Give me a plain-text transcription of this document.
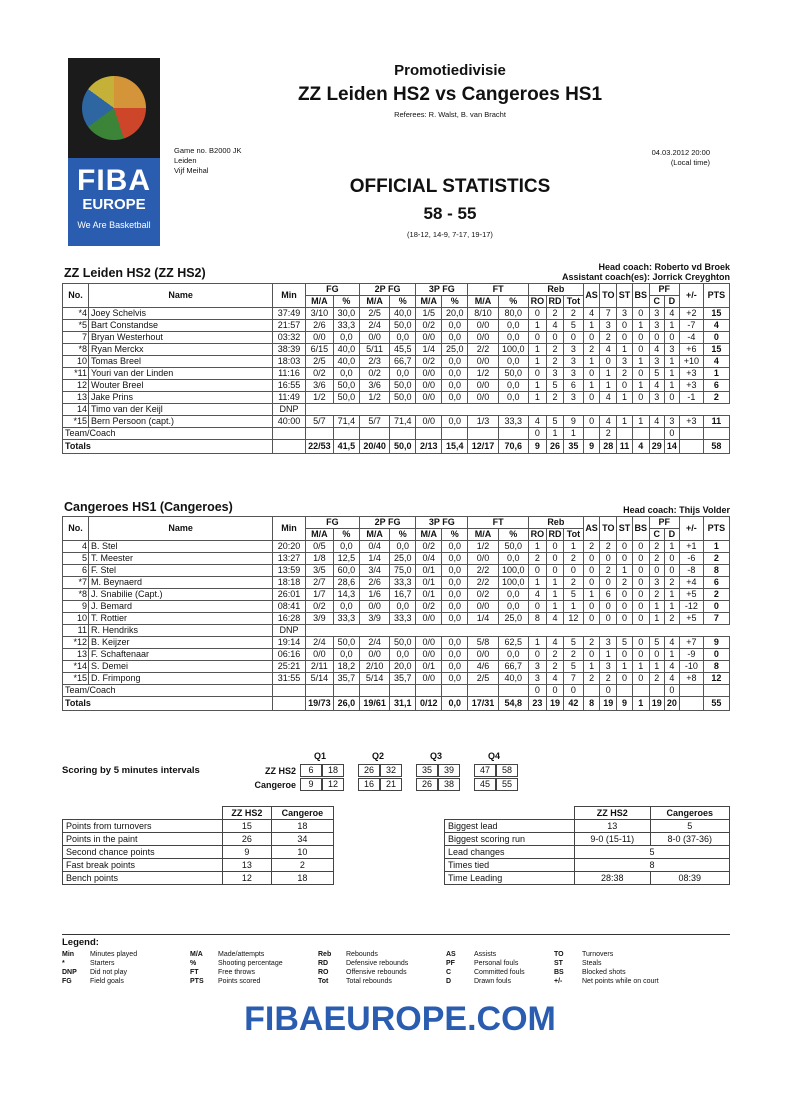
FIBA
EUROPE
We Are Basketball
Promotiedivisie
ZZ Leiden HS2 vs Cangeroes HS1
Referees: R. Walst, B. van Bracht
Game no. B2000 JK
Leiden
Vijf Meihal
04.03.2012 20:00
(Local time)
OFFICIAL STATISTICS
58 - 55
(18-12, 14-9, 7-17, 19-17)
ZZ Leiden HS2 (ZZ HS2)	Head coach: Roberto vd Broek
Assistant coach(es): Jorrick Creyghton
No.	Name	Min	FG		2P FG		3P FG		FT		Reb			AS	TO	ST	BS	PF		+/-	PTS
			M/A	%	M/A	%	M/A	%	M/A	%	RO	RD	Tot					C	D		
*4	Joey Schelvis	37:49	3/10	30,0	2/5	40,0	1/5	20,0	8/10	80,0	0	2	2	4	7	3	0	3	4	+2	15
*5	Bart Constandse	21:57	2/6	33,3	2/4	50,0	0/2	0,0	0/0	0,0	1	4	5	1	3	0	1	3	1	-7	4
7	Bryan Westerhout	03:32	0/0	0,0	0/0	0,0	0/0	0,0	0/0	0,0	0	0	0	0	2	0	0	0	0	-4	0
*8	Ryan Merckx	38:39	6/15	40,0	5/11	45,5	1/4	25,0	2/2	100,0	1	2	3	2	4	1	0	4	3	+6	15
10	Tomas Breel	18:03	2/5	40,0	2/3	66,7	0/2	0,0	0/0	0,0	1	2	3	1	0	3	1	3	1	+10	4
*11	Youri van der Linden	11:16	0/2	0,0	0/2	0,0	0/0	0,0	1/2	50,0	0	3	3	0	1	2	0	5	1	+3	1
12	Wouter Breel	16:55	3/6	50,0	3/6	50,0	0/0	0,0	0/0	0,0	1	5	6	1	1	0	1	4	1	+3	6
13	Jake Prins	11:49	1/2	50,0	1/2	50,0	0/0	0,0	0/0	0,0	1	2	3	0	4	1	0	3	0	-1	2
14	Timo van der Keijl	DNP																			
*15	Bern Persoon (capt.)	40:00	5/7	71,4	5/7	71,4	0/0	0,0	1/3	33,3	4	5	9	0	4	1	1	4	3	+3	11
Team/Coach											0	1	1		2				0		
Totals			22/53	41,5	20/40	50,0	2/13	15,4	12/17	70,6	9	26	35	9	28	11	4	29	14		58
Cangeroes HS1 (Cangeroes)	Head coach: Thijs Volder
No.	Name	Min	FG		2P FG		3P FG		FT		Reb			AS	TO	ST	BS	PF		+/-	PTS
			M/A	%	M/A	%	M/A	%	M/A	%	RO	RD	Tot					C	D		
4	B. Stel	20:20	0/5	0,0	0/4	0,0	0/2	0,0	1/2	50,0	1	0	1	2	2	0	0	2	1	+1	1
5	T. Meester	13:27	1/8	12,5	1/4	25,0	0/4	0,0	0/0	0,0	2	0	2	0	0	0	0	2	0	-6	2
6	F. Stel	13:59	3/5	60,0	3/4	75,0	0/1	0,0	2/2	100,0	0	0	0	0	2	1	0	0	0	-8	8
*7	M. Beynaerd	18:18	2/7	28,6	2/6	33,3	0/1	0,0	2/2	100,0	1	1	2	0	0	2	0	3	2	+4	6
*8	J. Snabilie (Capt.)	26:01	1/7	14,3	1/6	16,7	0/1	0,0	0/2	0,0	4	1	5	1	6	0	0	2	1	+5	2
9	J. Bemard	08:41	0/2	0,0	0/0	0,0	0/2	0,0	0/0	0,0	0	1	1	0	0	0	0	1	1	-12	0
10	T. Rottier	16:28	3/9	33,3	3/9	33,3	0/0	0,0	1/4	25,0	8	4	12	0	0	0	0	1	2	+5	7
11	R. Hendriks	DNP																			
*12	B. Keijzer	19:14	2/4	50,0	2/4	50,0	0/0	0,0	5/8	62,5	1	4	5	2	3	5	0	5	4	+7	9
13	F. Schaftenaar	06:16	0/0	0,0	0/0	0,0	0/0	0,0	0/0	0,0	0	2	2	0	1	0	0	0	1	-9	0
*14	S. Demei	25:21	2/11	18,2	2/10	20,0	0/1	0,0	4/6	66,7	3	2	5	1	3	1	1	1	4	-10	8
*15	D. Frimpong	31:55	5/14	35,7	5/14	35,7	0/0	0,0	2/5	40,0	3	4	7	2	2	0	0	2	4	+8	12
Team/Coach											0	0	0		0				0		
Totals			19/73	26,0	19/61	31,1	0/12	0,0	17/31	54,8	23	19	42	8	19	9	1	19	20		55
Scoring by 5 minutes intervals
Q1	Q2	Q3	Q4
ZZ HS2 6	18	26	32	35	39	47	58
Cangeroe 9	12	16	21	26	38	45	55
	ZZ HS2	Cangeroe
Points from turnovers	15	18
Points in the paint	26	34
Second chance points	9	10
Fast break points	13	2
Bench points	12	18
	ZZ HS2	Cangeroes
Biggest lead	13	5
Biggest scoring run	9-0 (15-11)	8-0 (37-36)
Lead changes	5	
Times tied	8	
Time Leading	28:38	08:39
Legend:
Min	Minutes played	M/A	Made/attempts	Reb	Rebounds	AS	Assists	TO	Turnovers
*	Starters	%	Shooting percentage	RD	Defensive rebounds	PF	Personal fouls	ST	Steals
DNP	Did not play	FT	Free throws	RO	Offensive rebounds	C	Committed fouls	BS	Blocked shots
FG	Field goals	PTS	Points scored	Tot	Total rebounds	D	Drawn fouls	+/-	Net points while on court
FIBAEUROPE.COM
